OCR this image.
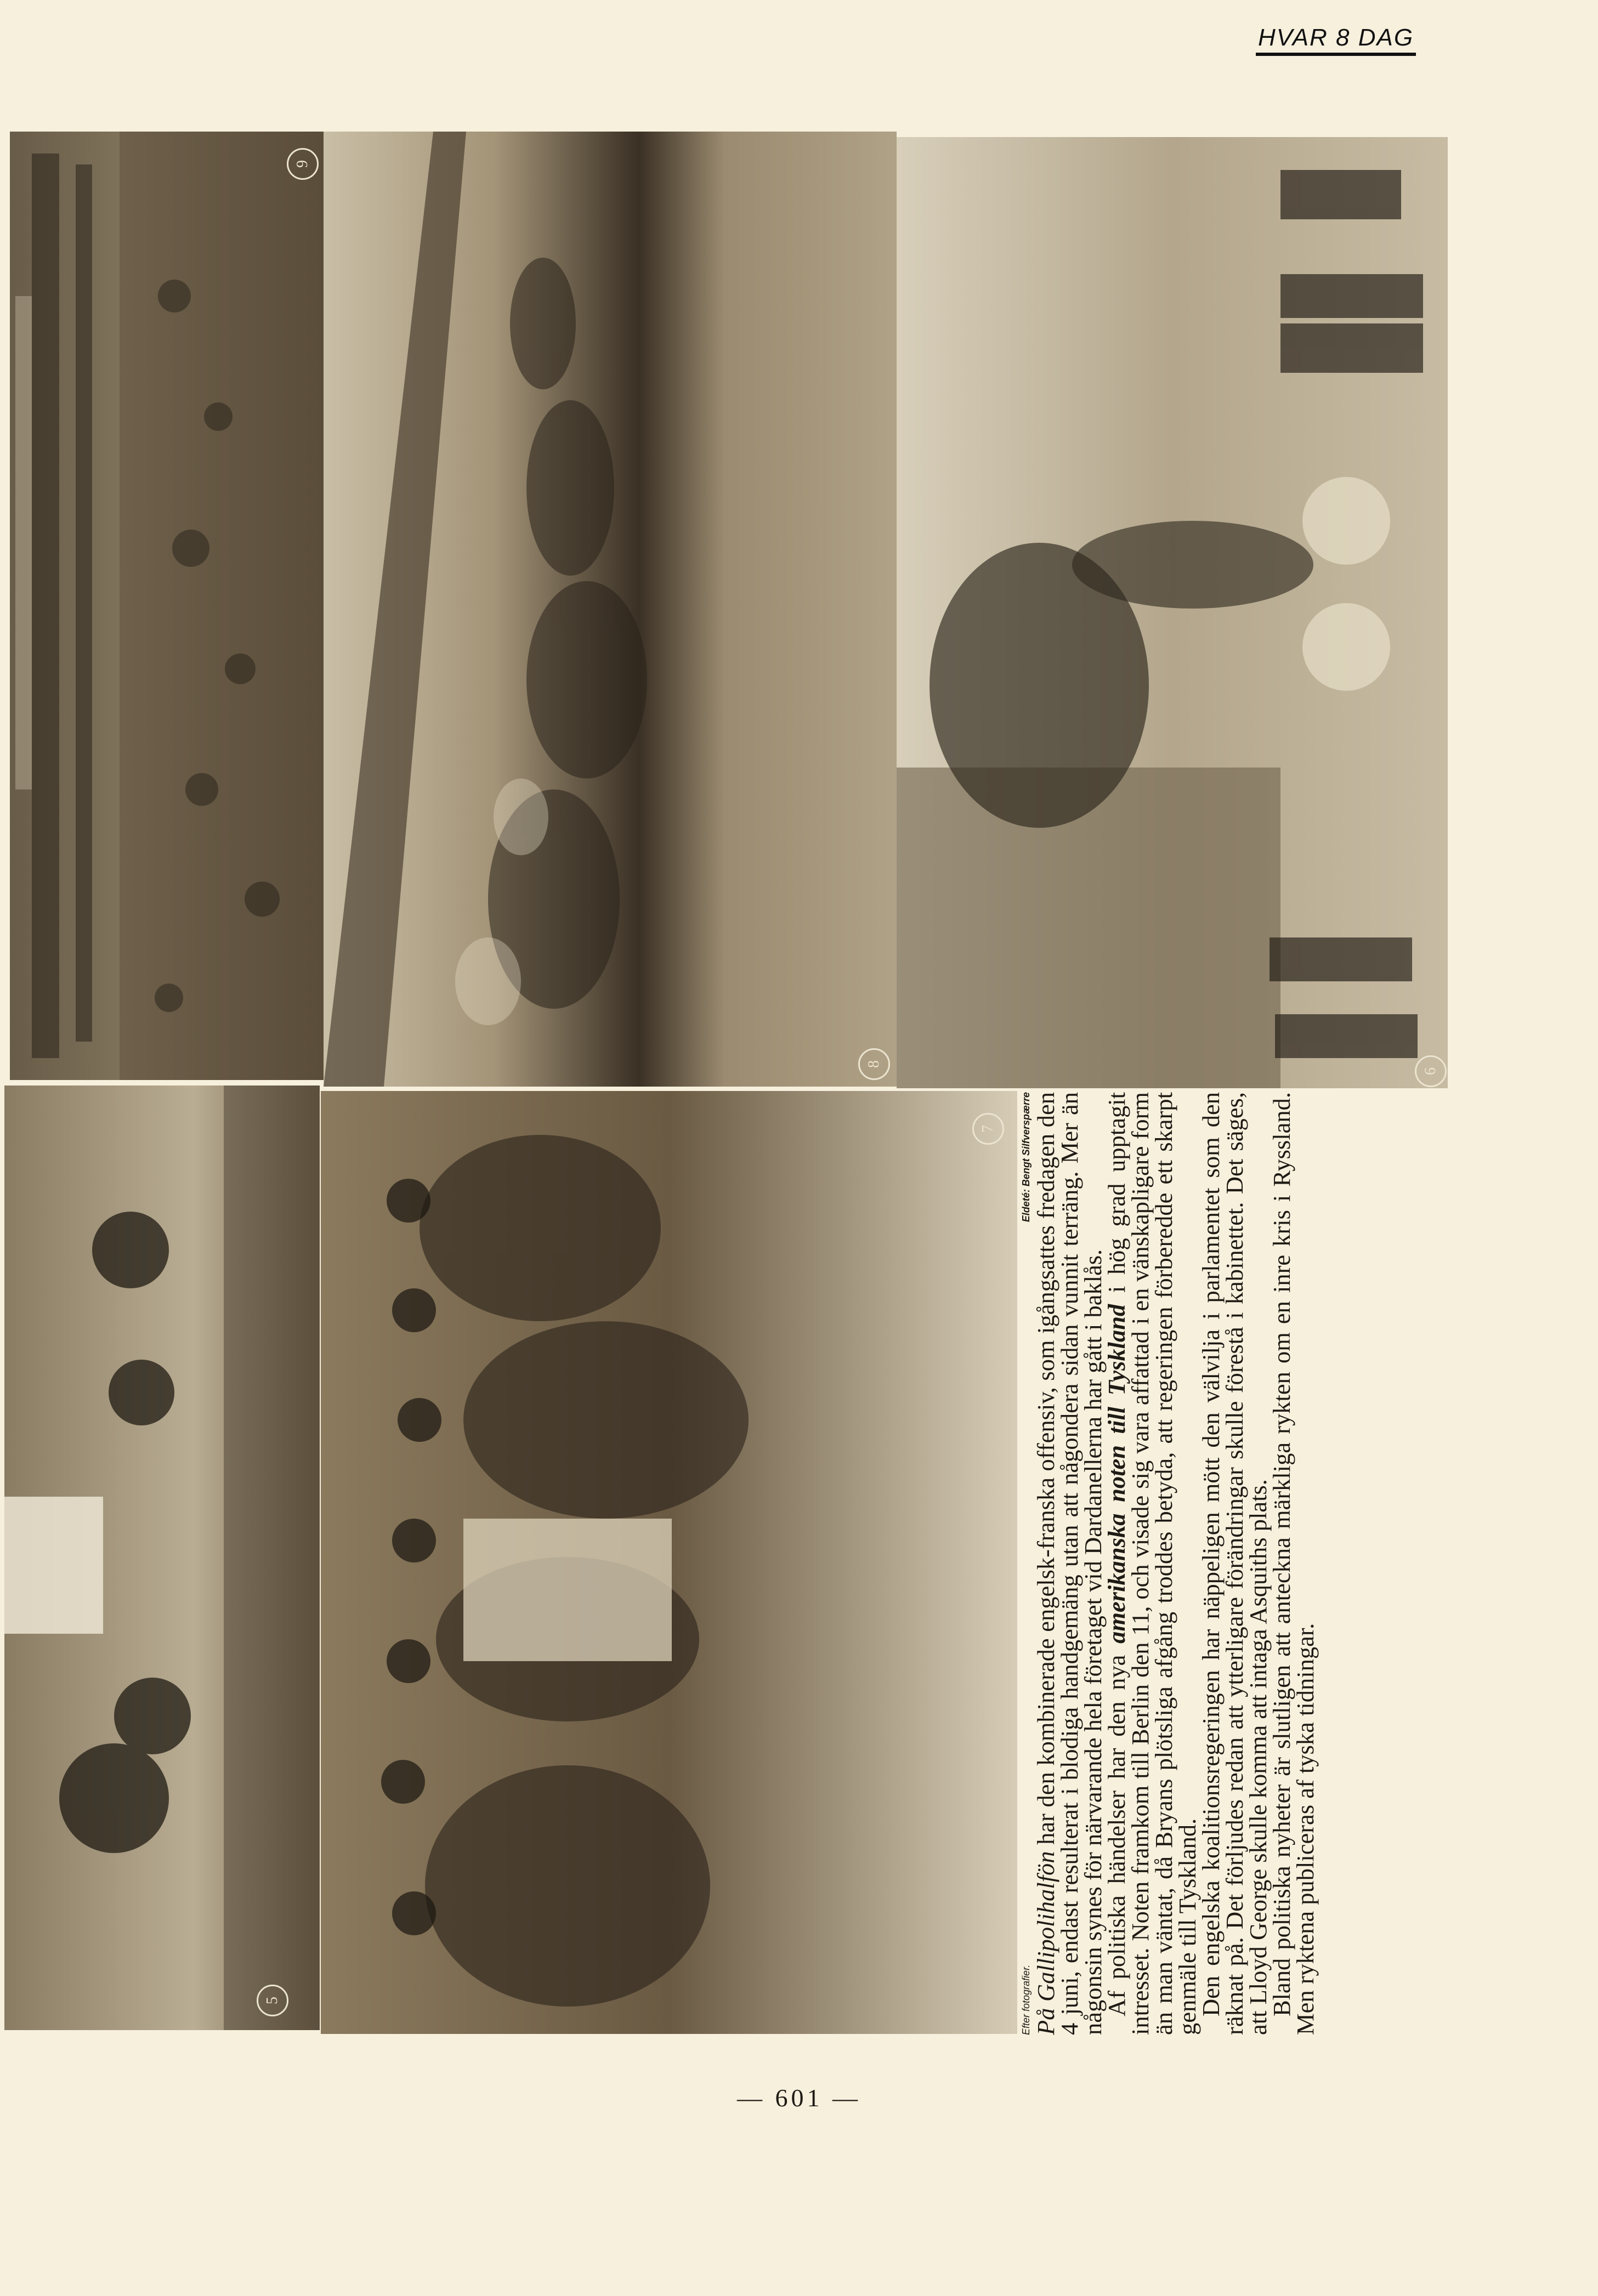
HVAR 8 DAG
9
8
6
5
7
Efter fotografier.
Eldeté: Bengt Silfverspærre

På Gallipolihalfön har den kombinerade engelsk-franska offensiv, som igångsattes fredagen den 4 juni, endast resulterat i blodiga handgemäng utan att någondera sidan vunnit terräng. Mer än någonsin synes för närvarande hela företaget vid Dardanellerna har gått i baklås.

Af politiska händelser har den nya amerikanska noten till Tyskland i hög grad upptagit intresset. Noten framkom till Berlin den 11, och visade sig vara affattad i en vänskapligare form än man väntat, då Bryans plötsliga afgång troddes betyda, att regeringen förberedde ett skarpt genmäle till Tyskland.

Den engelska koalitionsregeringen har näppeligen mött den välvilja i parlamentet som den räknat på. Det förljudes redan att ytterligare förändringar skulle förestå i kabinettet. Det säges, att Lloyd George skulle komma att intaga Asquiths plats.

Bland politiska nyheter är slutligen att anteckna märkliga rykten om en inre kris i Ryssland. Men ryktena publiceras af tyska tidningar.

— 601 —
